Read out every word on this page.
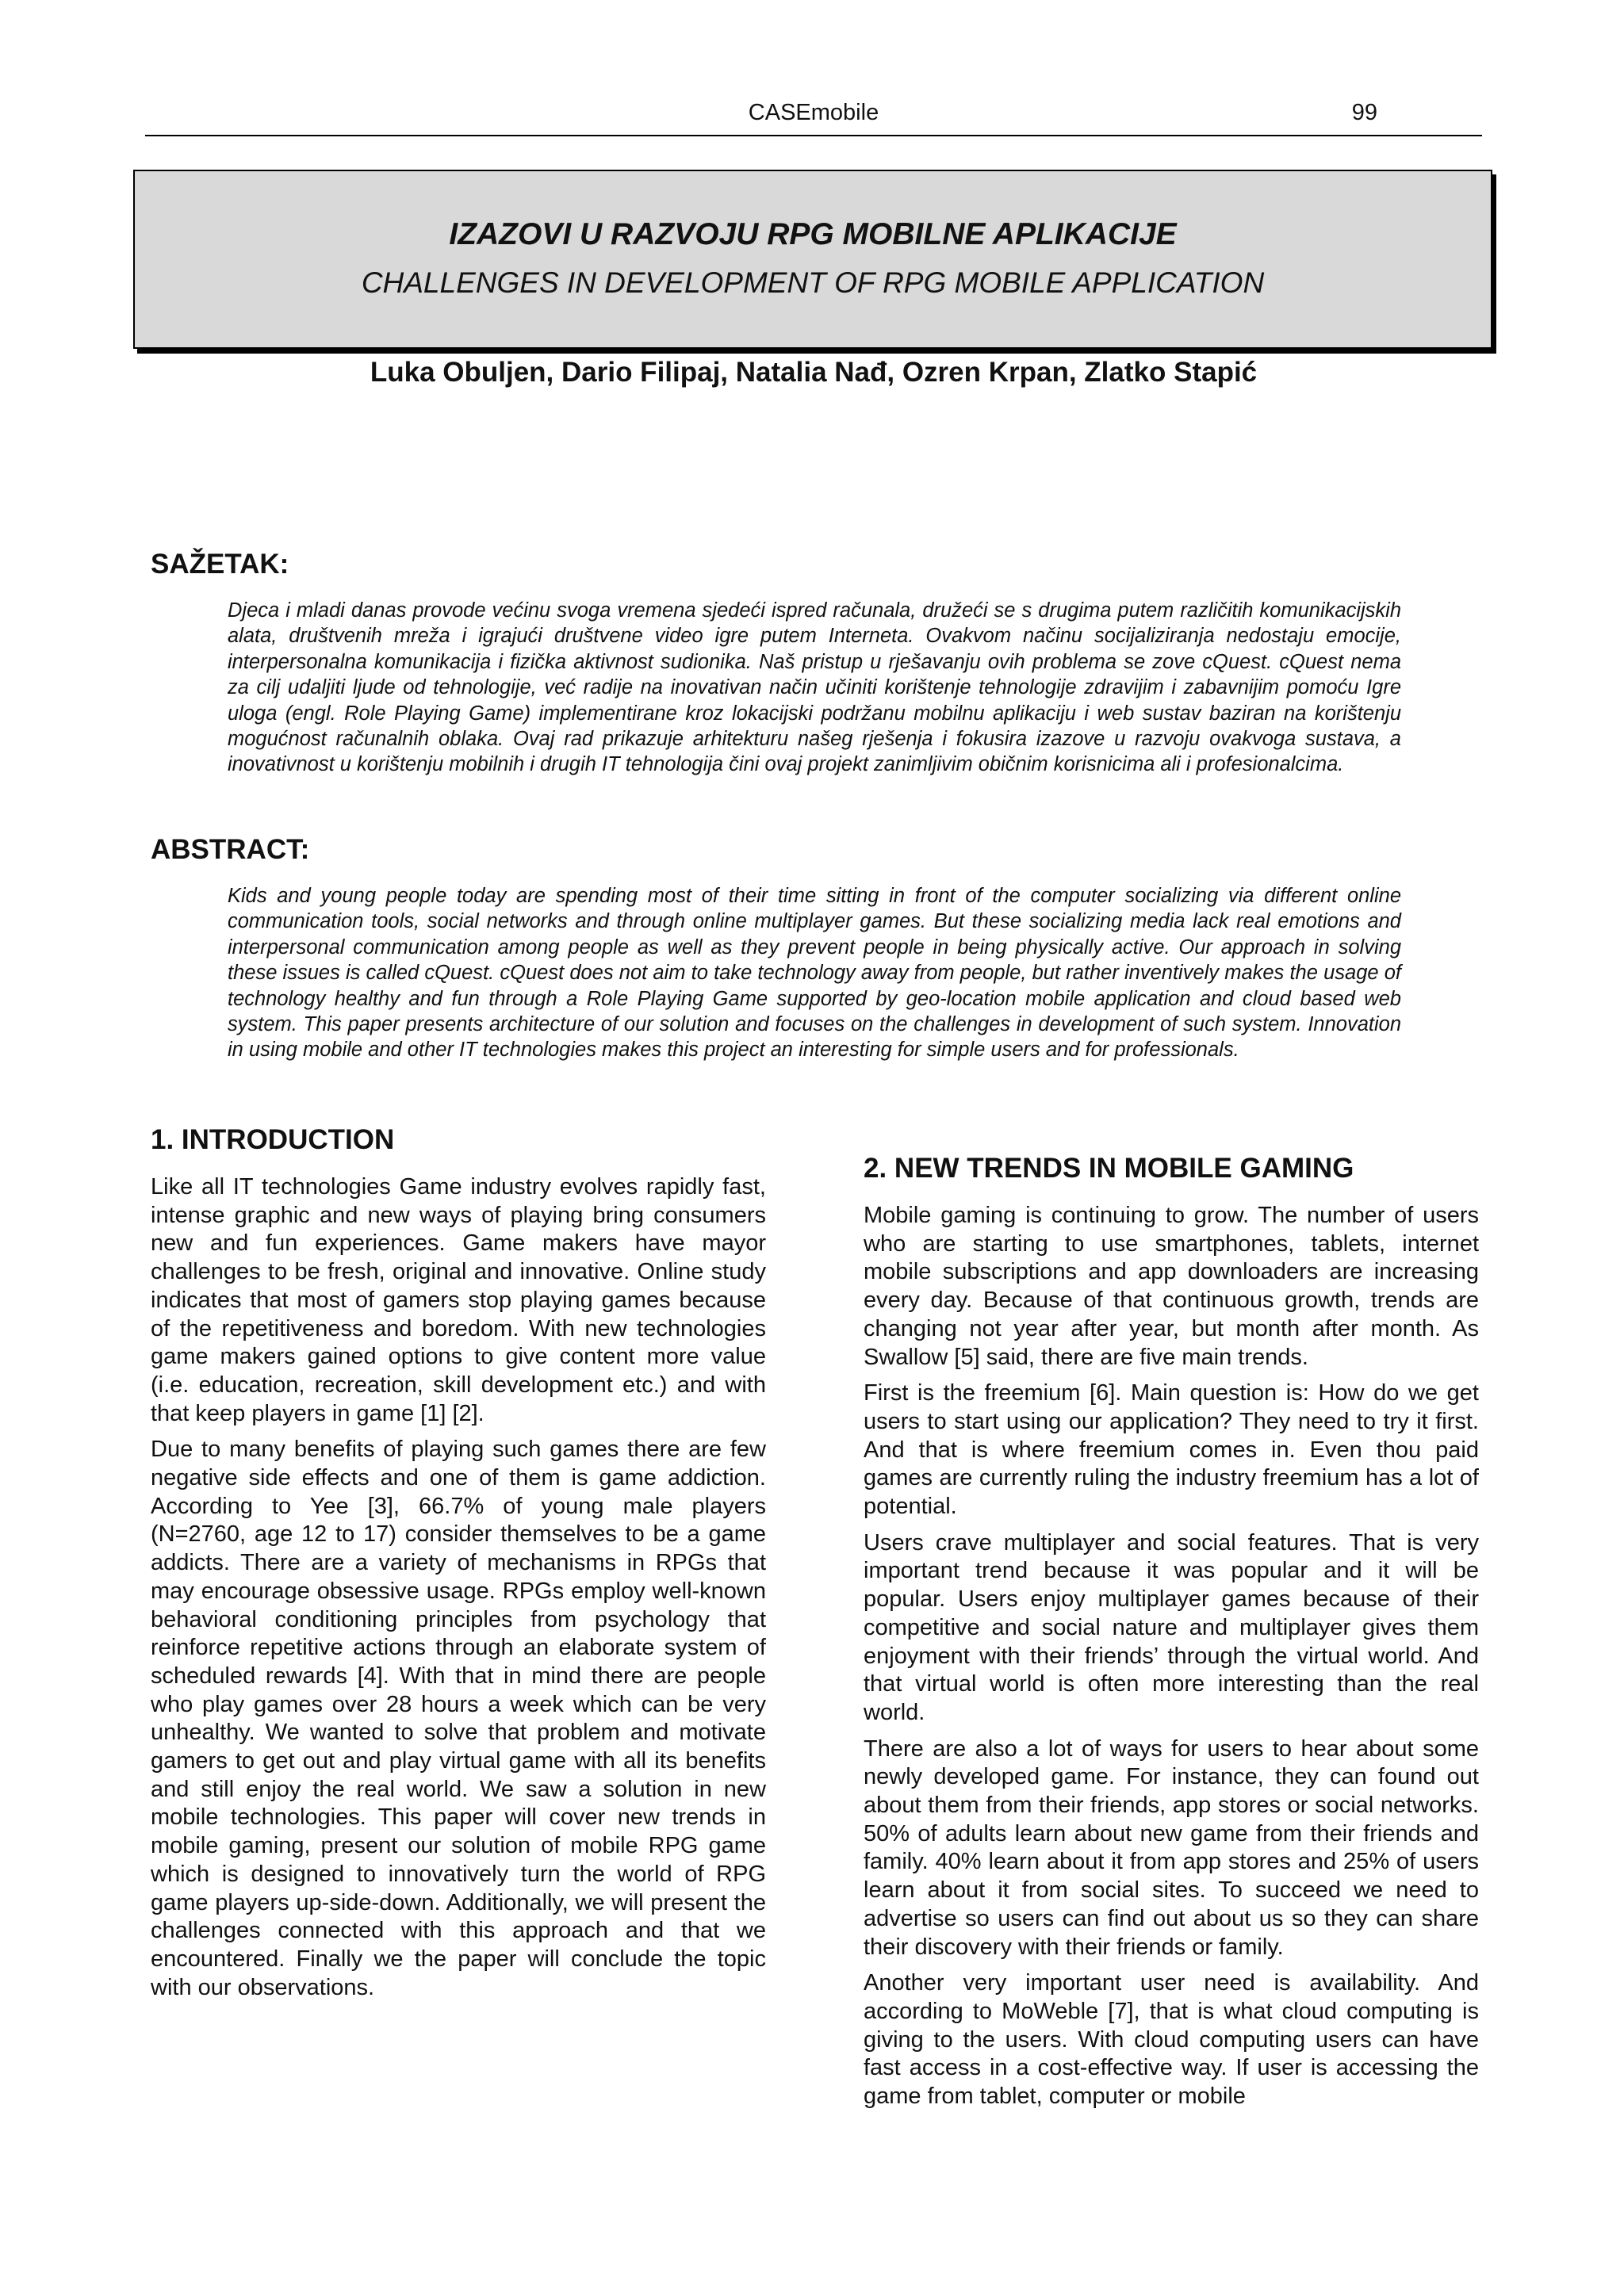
CASEmobile	99
IZAZOVI U RAZVOJU RPG MOBILNE APLIKACIJE
CHALLENGES IN DEVELOPMENT OF RPG MOBILE APPLICATION
Luka Obuljen, Dario Filipaj, Natalia Nađ, Ozren Krpan, Zlatko Stapić
SAŽETAK:
Djeca i mladi danas provode većinu svoga vremena sjedeći ispred računala, družeći se s drugima putem različitih komunikacijskih alata, društvenih mreža i igrajući društvene video igre putem Interneta. Ovakvom načinu socijaliziranja nedostaju emocije, interpersonalna komunikacija i fizička aktivnost sudionika. Naš pristup u rješavanju ovih problema se zove cQuest. cQuest nema za cilj udaljiti ljude od tehnologije, već radije na inovativan način učiniti korištenje tehnologije zdravijim i zabavnijim pomoću Igre uloga (engl. Role Playing Game) implementirane kroz lokacijski podržanu mobilnu aplikaciju i web sustav baziran na korištenju mogućnost računalnih oblaka. Ovaj rad prikazuje arhitekturu našeg rješenja i fokusira izazove u razvoju ovakvoga sustava, a inovativnost u korištenju mobilnih i drugih IT tehnologija čini ovaj projekt zanimljivim običnim korisnicima ali i profesionalcima.
ABSTRACT:
Kids and young people today are spending most of their time sitting in front of the computer socializing via different online communication tools, social networks and through online multiplayer games. But these socializing media lack real emotions and interpersonal communication among people as well as they prevent people in being physically active. Our approach in solving these issues is called cQuest. cQuest does not aim to take technology away from people, but rather inventively makes the usage of technology healthy and fun through a Role Playing Game supported by geo-location mobile application and cloud based web system. This paper presents architecture of our solution and focuses on the challenges in development of such system. Innovation in using mobile and other IT technologies makes this project an interesting for simple users and for professionals.
1. INTRODUCTION

Like all IT technologies Game industry evolves rapidly fast, intense graphic and new ways of playing bring consumers new and fun experiences. Game makers have mayor challenges to be fresh, original and innovative. Online study indicates that most of gamers stop playing games because of the repetitiveness and boredom. With new technologies game makers gained options to give content more value (i.e. education, recreation, skill development etc.) and with that keep players in game [1] [2].

Due to many benefits of playing such games there are few negative side effects and one of them is game addiction. According to Yee [3], 66.7% of young male players (N=2760, age 12 to 17) consider themselves to be a game addicts. There are a variety of mechanisms in RPGs that may encourage obsessive usage. RPGs employ well-known behavioral conditioning principles from psychology that reinforce repetitive actions through an elaborate system of scheduled rewards [4]. With that in mind there are people who play games over 28 hours a week which can be very unhealthy. We wanted to solve that problem and motivate gamers to get out and play virtual game with all its benefits and still enjoy the real world. We saw a solution in new mobile technologies. This paper will cover new trends in mobile gaming, present our solution of mobile RPG game which is designed to innovatively turn the world of RPG game players up-side-down. Additionally, we will present the challenges connected with this approach and that we encountered. Finally we the paper will conclude the topic with our observations.

2. NEW TRENDS IN MOBILE GAMING

Mobile gaming is continuing to grow. The number of users who are starting to use smartphones, tablets, internet mobile subscriptions and app downloaders are increasing every day. Because of that continuous growth, trends are changing not year after year, but month after month. As Swallow [5] said, there are five main trends.

First is the freemium [6]. Main question is: How do we get users to start using our application? They need to try it first. And that is where freemium comes in. Even thou paid games are currently ruling the industry freemium has a lot of potential.

Users crave multiplayer and social features. That is very important trend because it was popular and it will be popular. Users enjoy multiplayer games because of their competitive and social nature and multiplayer gives them enjoyment with their friends’ through the virtual world. And that virtual world is often more interesting than the real world.

There are also a lot of ways for users to hear about some newly developed game. For instance, they can found out about them from their friends, app stores or social networks. 50% of adults learn about new game from their friends and family. 40% learn about it from app stores and 25% of users learn about it from social sites. To succeed we need to advertise so users can find out about us so they can share their discovery with their friends or family.

Another very important user need is availability. And according to MoWeble [7], that is what cloud computing is giving to the users. With cloud computing users can have fast access in a cost-effective way. If user is accessing the game from tablet, computer or mobile
